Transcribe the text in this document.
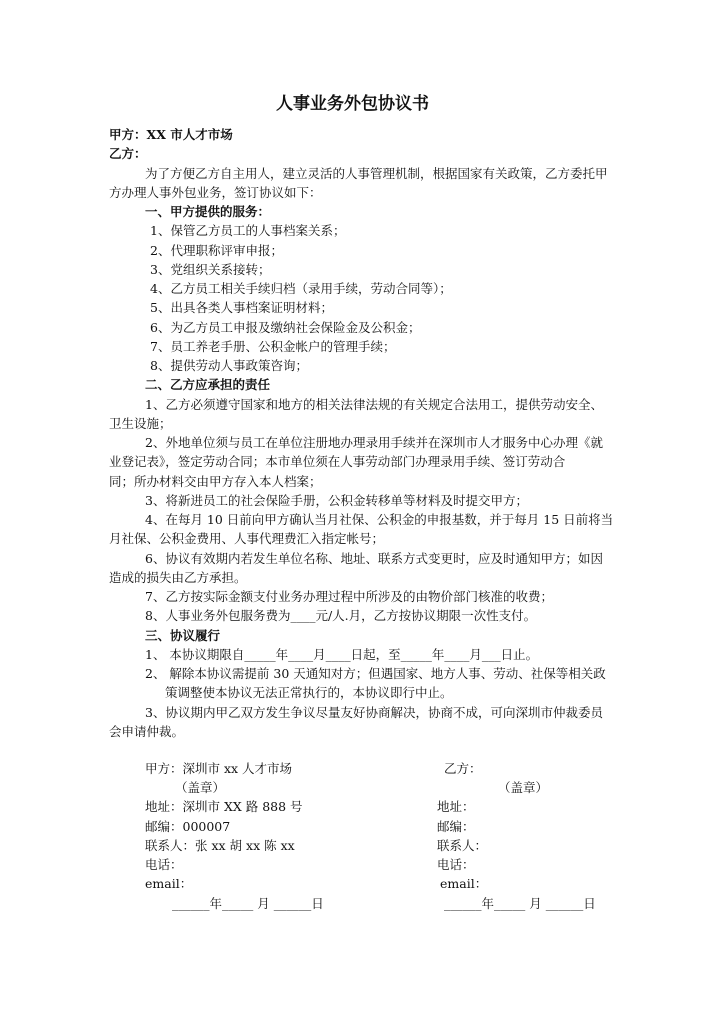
人事业务外包协议书
甲方：XX 市人才市场
乙方：
为了方便乙方自主用人，建立灵活的人事管理机制，根据国家有关政策，乙方委托甲
方办理人事外包业务，签订协议如下：
一、甲方提供的服务：
1、保管乙方员工的人事档案关系；
2、代理职称评审申报；
3、党组织关系接转；
4、乙方员工相关手续归档（录用手续，劳动合同等）；
5、出具各类人事档案证明材料；
6、为乙方员工申报及缴纳社会保险金及公积金；
7、员工养老手册、公积金帐户的管理手续；
8、提供劳动人事政策咨询；
二、乙方应承担的责任
1、乙方必须遵守国家和地方的相关法律法规的有关规定合法用工，提供劳动安全、
卫生设施；
2、外地单位须与员工在单位注册地办理录用手续并在深圳市人才服务中心办理《就
业登记表》，签定劳动合同；本市单位须在人事劳动部门办理录用手续、签订劳动合
同；所办材料交由甲方存入本人档案；
3、将新进员工的社会保险手册，公积金转移单等材料及时提交甲方；
4、在每月 10 日前向甲方确认当月社保、公积金的申报基数，并于每月 15 日前将当
月社保、公积金费用、人事代理费汇入指定帐号；
6、协议有效期内若发生单位名称、地址、联系方式变更时，应及时通知甲方；如因
造成的损失由乙方承担。
7、乙方按实际金额支付业务办理过程中所涉及的由物价部门核准的收费；
8、人事业务外包服务费为____元/人.月，乙方按协议期限一次性支付。
三、协议履行
1、 本协议期限自_____年____月____日起，至_____年____月___日止。
2、 解除本协议需提前 30 天通知对方；但遇国家、地方人事、劳动、社保等相关政
策调整使本协议无法正常执行的，本协议即行中止。
3、协议期内甲乙双方发生争议尽量友好协商解决，协商不成，可向深圳市仲裁委员
会申请仲裁。
甲方：深圳市 xx 人才市场
（盖章）
地址：深圳市 XX 路 888 号
邮编：000007
联系人：张 xx 胡 xx 陈 xx
电话：
email：
______年_____ 月 ______日
乙方：
（盖章）
地址：
邮编：
联系人：
电话：
email：
______年_____ 月 ______日
